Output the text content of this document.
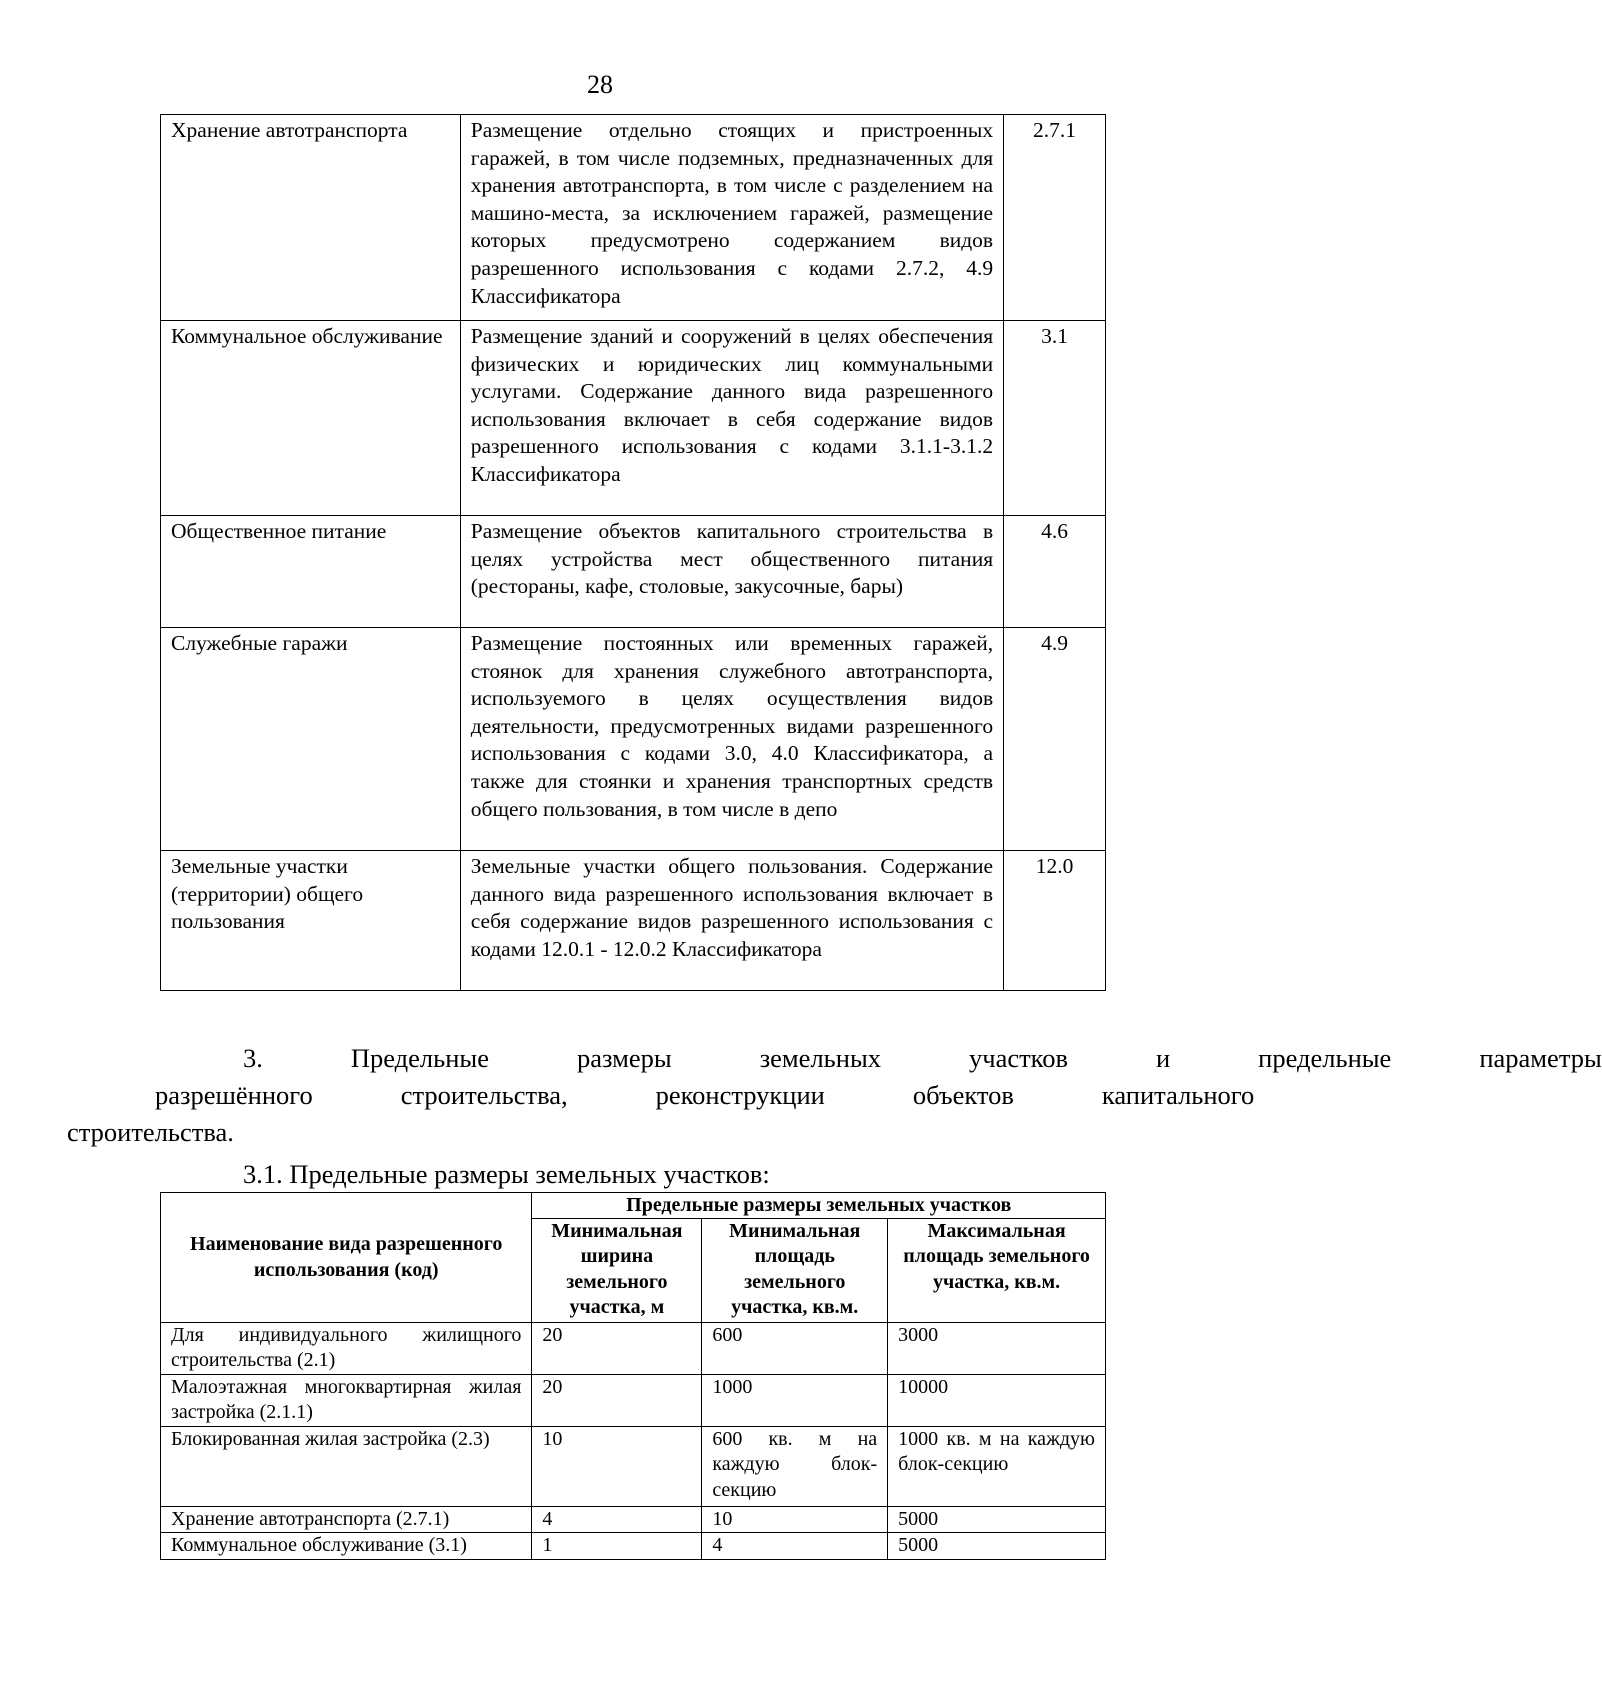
28
Хранение автотранспорта	Размещение отдельно стоящих и пристроенных гаражей, в том числе подземных, предназначенных для хранения автотранспорта, в том числе с разделением на машино-места, за исключением гаражей, размещение которых предусмотрено содержанием видов разрешенного использования с кодами 2.7.2, 4.9 Классификатора	2.7.1
Коммунальное обслуживание	Размещение зданий и сооружений в целях обеспечения физических и юридических лиц коммунальными услугами. Содержание данного вида разрешенного использования включает в себя содержание видов разрешенного использования с кодами 3.1.1-3.1.2 Классификатора	3.1
Общественное питание	Размещение объектов капитального строительства в целях устройства мест общественного питания (рестораны, кафе, столовые, закусочные, бары)	4.6
Служебные гаражи	Размещение постоянных или временных гаражей, стоянок для хранения служебного автотранспорта, используемого в целях осуществления видов деятельности, предусмотренных видами разрешенного использования с кодами 3.0, 4.0 Классификатора, а также для стоянки и хранения транспортных средств общего пользования, в том числе в депо	4.9
Земельные участки (территории) общего пользования	Земельные участки общего пользования. Содержание данного вида разрешенного использования включает в себя содержание видов разрешенного использования с кодами 12.0.1 - 12.0.2 Классификатора	12.0
3.	Предельные	размеры	земельных	участков	и	предельные	параметры
разрешённого	строительства,	реконструкции	объектов	капитального
строительства.
3.1. Предельные размеры земельных участков:
Наименование вида разрешенного использования (код)	Предельные размеры земельных участков		
	Минимальная ширина земельного участка, м	Минимальная площадь земельного участка, кв.м.	Максимальная площадь земельного участка, кв.м.
Для индивидуального жилищного строительства (2.1)	20	600	3000
Малоэтажная многоквартирная жилая застройка (2.1.1)	20	1000	10000
Блокированная жилая застройка (2.3)	10	600 кв. м на каждую блок-секцию	1000 кв. м на каждую блок-секцию
Хранение автотранспорта (2.7.1)	4	10	5000
Коммунальное обслуживание (3.1)	1	4	5000
